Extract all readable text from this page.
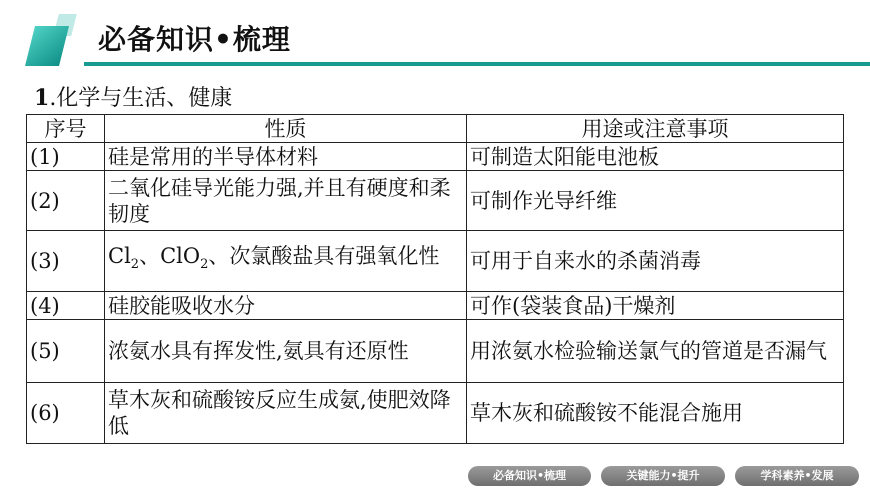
必备知识•梳理
1.化学与生活、健康
序号	性质	用途或注意事项
(1)	硅是常用的半导体材料	可制造太阳能电池板
(2)	二氧化硅导光能力强,并且有硬度和柔韧度	可制作光导纤维
(3)	$Cl_2$、ClO$_2$、次氯酸盐具有强氧化性	可用于自来水的杀菌消毒
(4)	硅胶能吸收水分	可作(袋装食品)干燥剂
(5)	浓氨水具有挥发性,氨具有还原性	用浓氨水检验输送氯气的管道是否漏气
(6)	草木灰和硫酸铵反应生成氨,使肥效降低	草木灰和硫酸铵不能混合施用
必备知识•梳理	关键能力•提升	学科素养•发展
